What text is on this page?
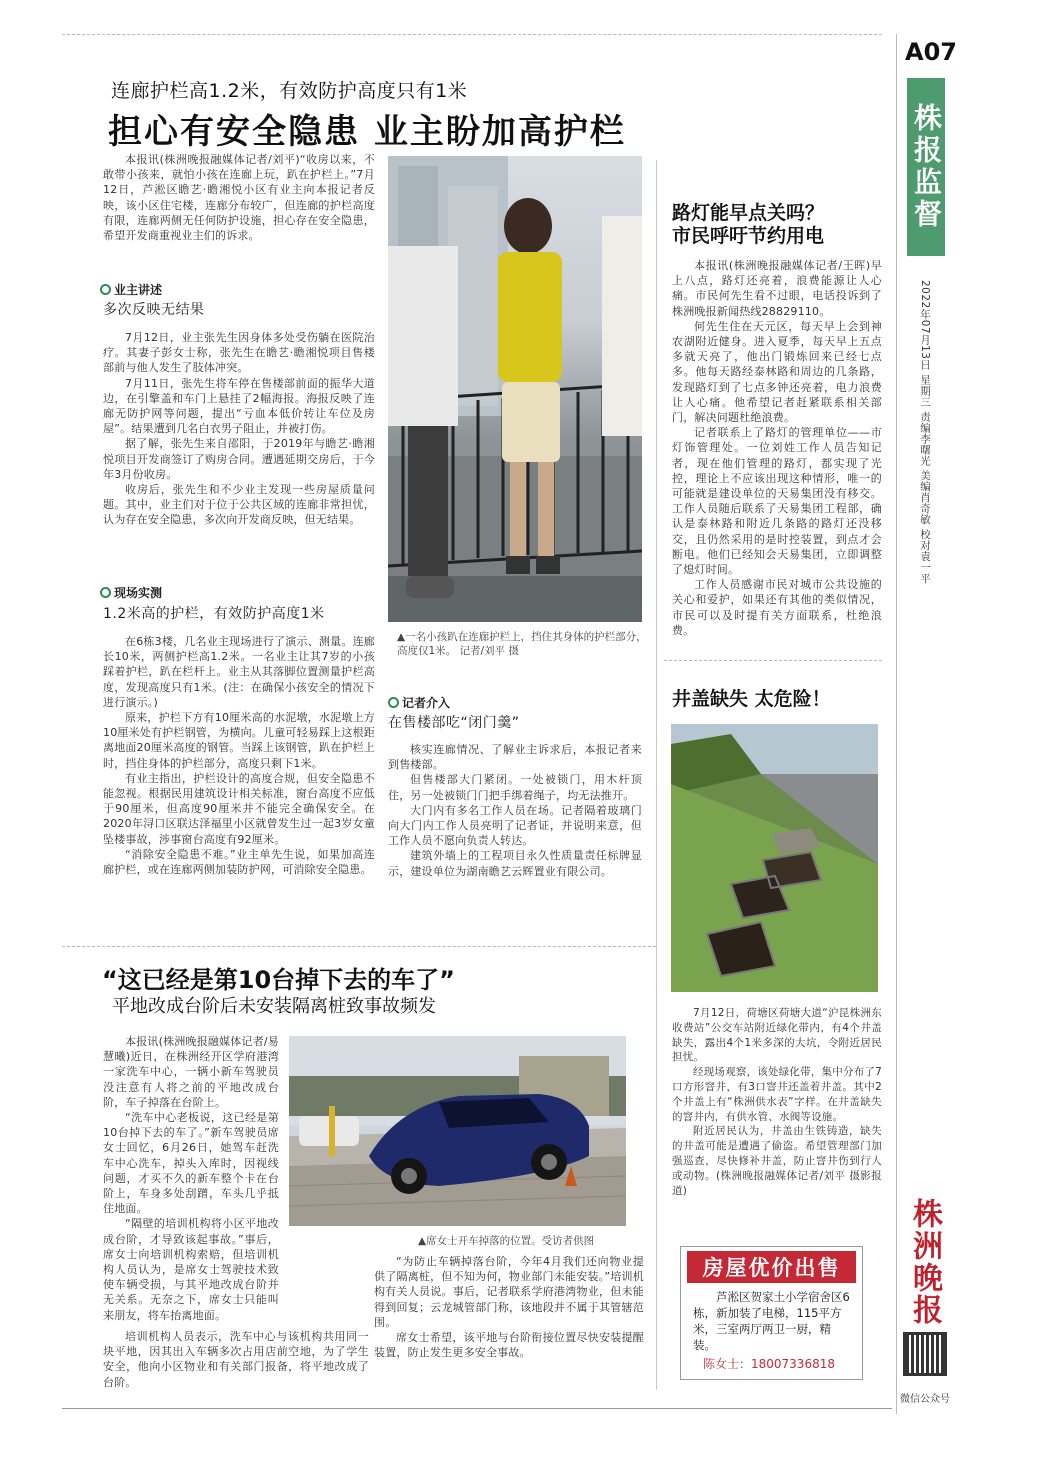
A07
株报监督
2022年07月13日 星期三 责编李曙光 美编肖奇敏 校对袁一平
株洲晚报
微信公众号
连廊护栏高1.2米，有效防护高度只有1米
担心有安全隐患 业主盼加高护栏

本报讯(株洲晚报融媒体记者/刘平)“收房以来，不敢带小孩来，就怕小孩在连廊上玩，趴在护栏上。”7月12日，芦淞区瞻艺·瞻湘悦小区有业主向本报记者反映，该小区住宅楼，连廊分布较广，但连廊的护栏高度有限，连廊两侧无任何防护设施，担心存在安全隐患，希望开发商重视业主们的诉求。

业主讲述
多次反映无结果

7月12日，业主张先生因身体多处受伤躺在医院治疗。其妻子彭女士称，张先生在瞻艺·瞻湘悦项目售楼部前与他人发生了肢体冲突。

7月11日，张先生将车停在售楼部前面的振华大道边，在引擎盖和车门上悬挂了2幅海报。海报反映了连廊无防护网等问题，提出“亏血本低价转让车位及房屋”。结果遭到几名白衣男子阻止，并被打伤。

据了解，张先生来自邵阳，于2019年与瞻艺·瞻湘悦项目开发商签订了购房合同。遭遇延期交房后，于今年3月份收房。

收房后，张先生和不少业主发现一些房屋质量问题。其中，业主们对于位于公共区域的连廊非常担忧，认为存在安全隐患，多次向开发商反映，但无结果。

现场实测
1.2米高的护栏，有效防护高度1米

在6栋3楼，几名业主现场进行了演示、测量。连廊长10米，两侧护栏高1.2米。一名业主让其7岁的小孩踩着护栏，趴在栏杆上。业主从其落脚位置测量护栏高度，发现高度只有1米。(注：在确保小孩安全的情况下进行演示。)

原来，护栏下方有10厘米高的水泥墩，水泥墩上方10厘米处有护栏钢管，为横向。儿童可轻易踩上这根距离地面20厘米高度的钢管。当踩上该钢管，趴在护栏上时，挡住身体的护栏部分，高度只剩下1米。

有业主指出，护栏设计的高度合规，但安全隐患不能忽视。根据民用建筑设计相关标准，窗台高度不应低于90厘米，但高度90厘米并不能完全确保安全。在2020年浔口区联达泽福里小区就曾发生过一起3岁女童坠楼事故，涉事窗台高度有92厘米。

“消除安全隐患不难。”业主单先生说，如果加高连廊护栏，或在连廊两侧加装防护网，可消除安全隐患。

▲一名小孩趴在连廊护栏上，挡住其身体的护栏部分，高度仅1米。 记者/刘平 摄
记者介入
在售楼部吃“闭门羹”

核实连廊情况、了解业主诉求后，本报记者来到售楼部。

但售楼部大门紧闭。一处被锁门，用木杆顶住，另一处被锁门门把手绑着绳子，均无法推开。

大门内有多名工作人员在场。记者隔着玻璃门向大门内工作人员亮明了记者证，并说明来意，但工作人员不愿向负责人转达。

建筑外墙上的工程项目永久性质量责任标牌显示，建设单位为湖南瞻艺云辉置业有限公司。

路灯能早点关吗？
市民呼吁节约用电

本报讯(株洲晚报融媒体记者/王晖)早上八点，路灯还亮着，浪费能源让人心痛。市民何先生看不过眼，电话投诉到了株洲晚报新闻热线28829110。

何先生住在天元区，每天早上会到神农湖附近健身。进入夏季，每天早上五点多就天亮了，他出门锻炼回来已经七点多。他每天路经泰林路和周边的几条路，发现路灯到了七点多钟还亮着，电力浪费让人心痛。他希望记者赶紧联系相关部门，解决问题杜绝浪费。

记者联系上了路灯的管理单位——市灯饰管理处。一位刘姓工作人员告知记者，现在他们管理的路灯，都实现了光控，理论上不应该出现这种情形，唯一的可能就是建设单位的天易集团没有移交。工作人员随后联系了天易集团工程部，确认是泰林路和附近几条路的路灯还没移交，且仍然采用的是时控装置，到点才会断电。他们已经知会天易集团，立即调整了熄灯时间。

工作人员感谢市民对城市公共设施的关心和爱护，如果还有其他的类似情况，市民可以及时提有关方面联系，杜绝浪费。

井盖缺失 太危险！

7月12日，荷塘区荷塘大道“沪昆株洲东收费站”公交车站附近绿化带内，有4个井盖缺失，露出4个1米多深的大坑，令附近居民担忧。

经现场观察，该处绿化带，集中分布了7口方形窨井，有3口窨井还盖着井盖。其中2个井盖上有“株洲供水表”字样。在井盖缺失的窨井内，有供水管、水阀等设施。

附近居民认为，井盖由生铁铸造，缺失的井盖可能是遭遇了偷盗。希望管理部门加强巡查，尽快修补井盖，防止窨井伤到行人或动物。(株洲晚报融媒体记者/刘平 摄影报道)

“这已经是第10台掉下去的车了”
平地改成台阶后未安装隔离桩致事故频发

本报讯(株洲晚报融媒体记者/易慧曦)近日，在株洲经开区学府港湾一家洗车中心，一辆小新车驾驶员没注意有人将之前的平地改成台阶，车子掉落在台阶上。

“洗车中心老板说，这已经是第10台掉下去的车了。”新车驾驶员席女士回忆，6月26日，她驾车赶洗车中心洗车，掉头入库时，因视线问题，才买不久的新车整个卡在台阶上，车身多处刮蹭，车头几乎抵住地面。

“隔壁的培训机构将小区平地改成台阶，才导致该起事故。”事后，席女士向培训机构索赔，但培训机构人员认为，是席女士驾驶技术致使车辆受损，与其平地改成台阶并无关系。无奈之下，席女士只能叫来朋友，将车抬离地面。

培训机构人员表示，洗车中心与该机构共用同一块平地，因其出入车辆多次占用店前空地，为了学生安全，他向小区物业和有关部门报备，将平地改成了台阶。

“为防止车辆掉落台阶，今年4月我们还向物业提供了隔离桩，但不知为何，物业部门未能安装。”培训机构有关人员说。事后，记者联系学府港湾物业，但未能得到回复；云龙城管部门称，该地段并不属于其管辖范围。

席女士希望，该平地与台阶衔接位置尽快安装提醒装置，防止发生更多安全事故。

▲席女士开车掉落的位置。受访者供图
房屋优价出售
芦淞区贺家土小学宿舍区6栋，新加装了电梯，115平方米，三室两厅两卫一厨，精装。
陈女士：18007336818
